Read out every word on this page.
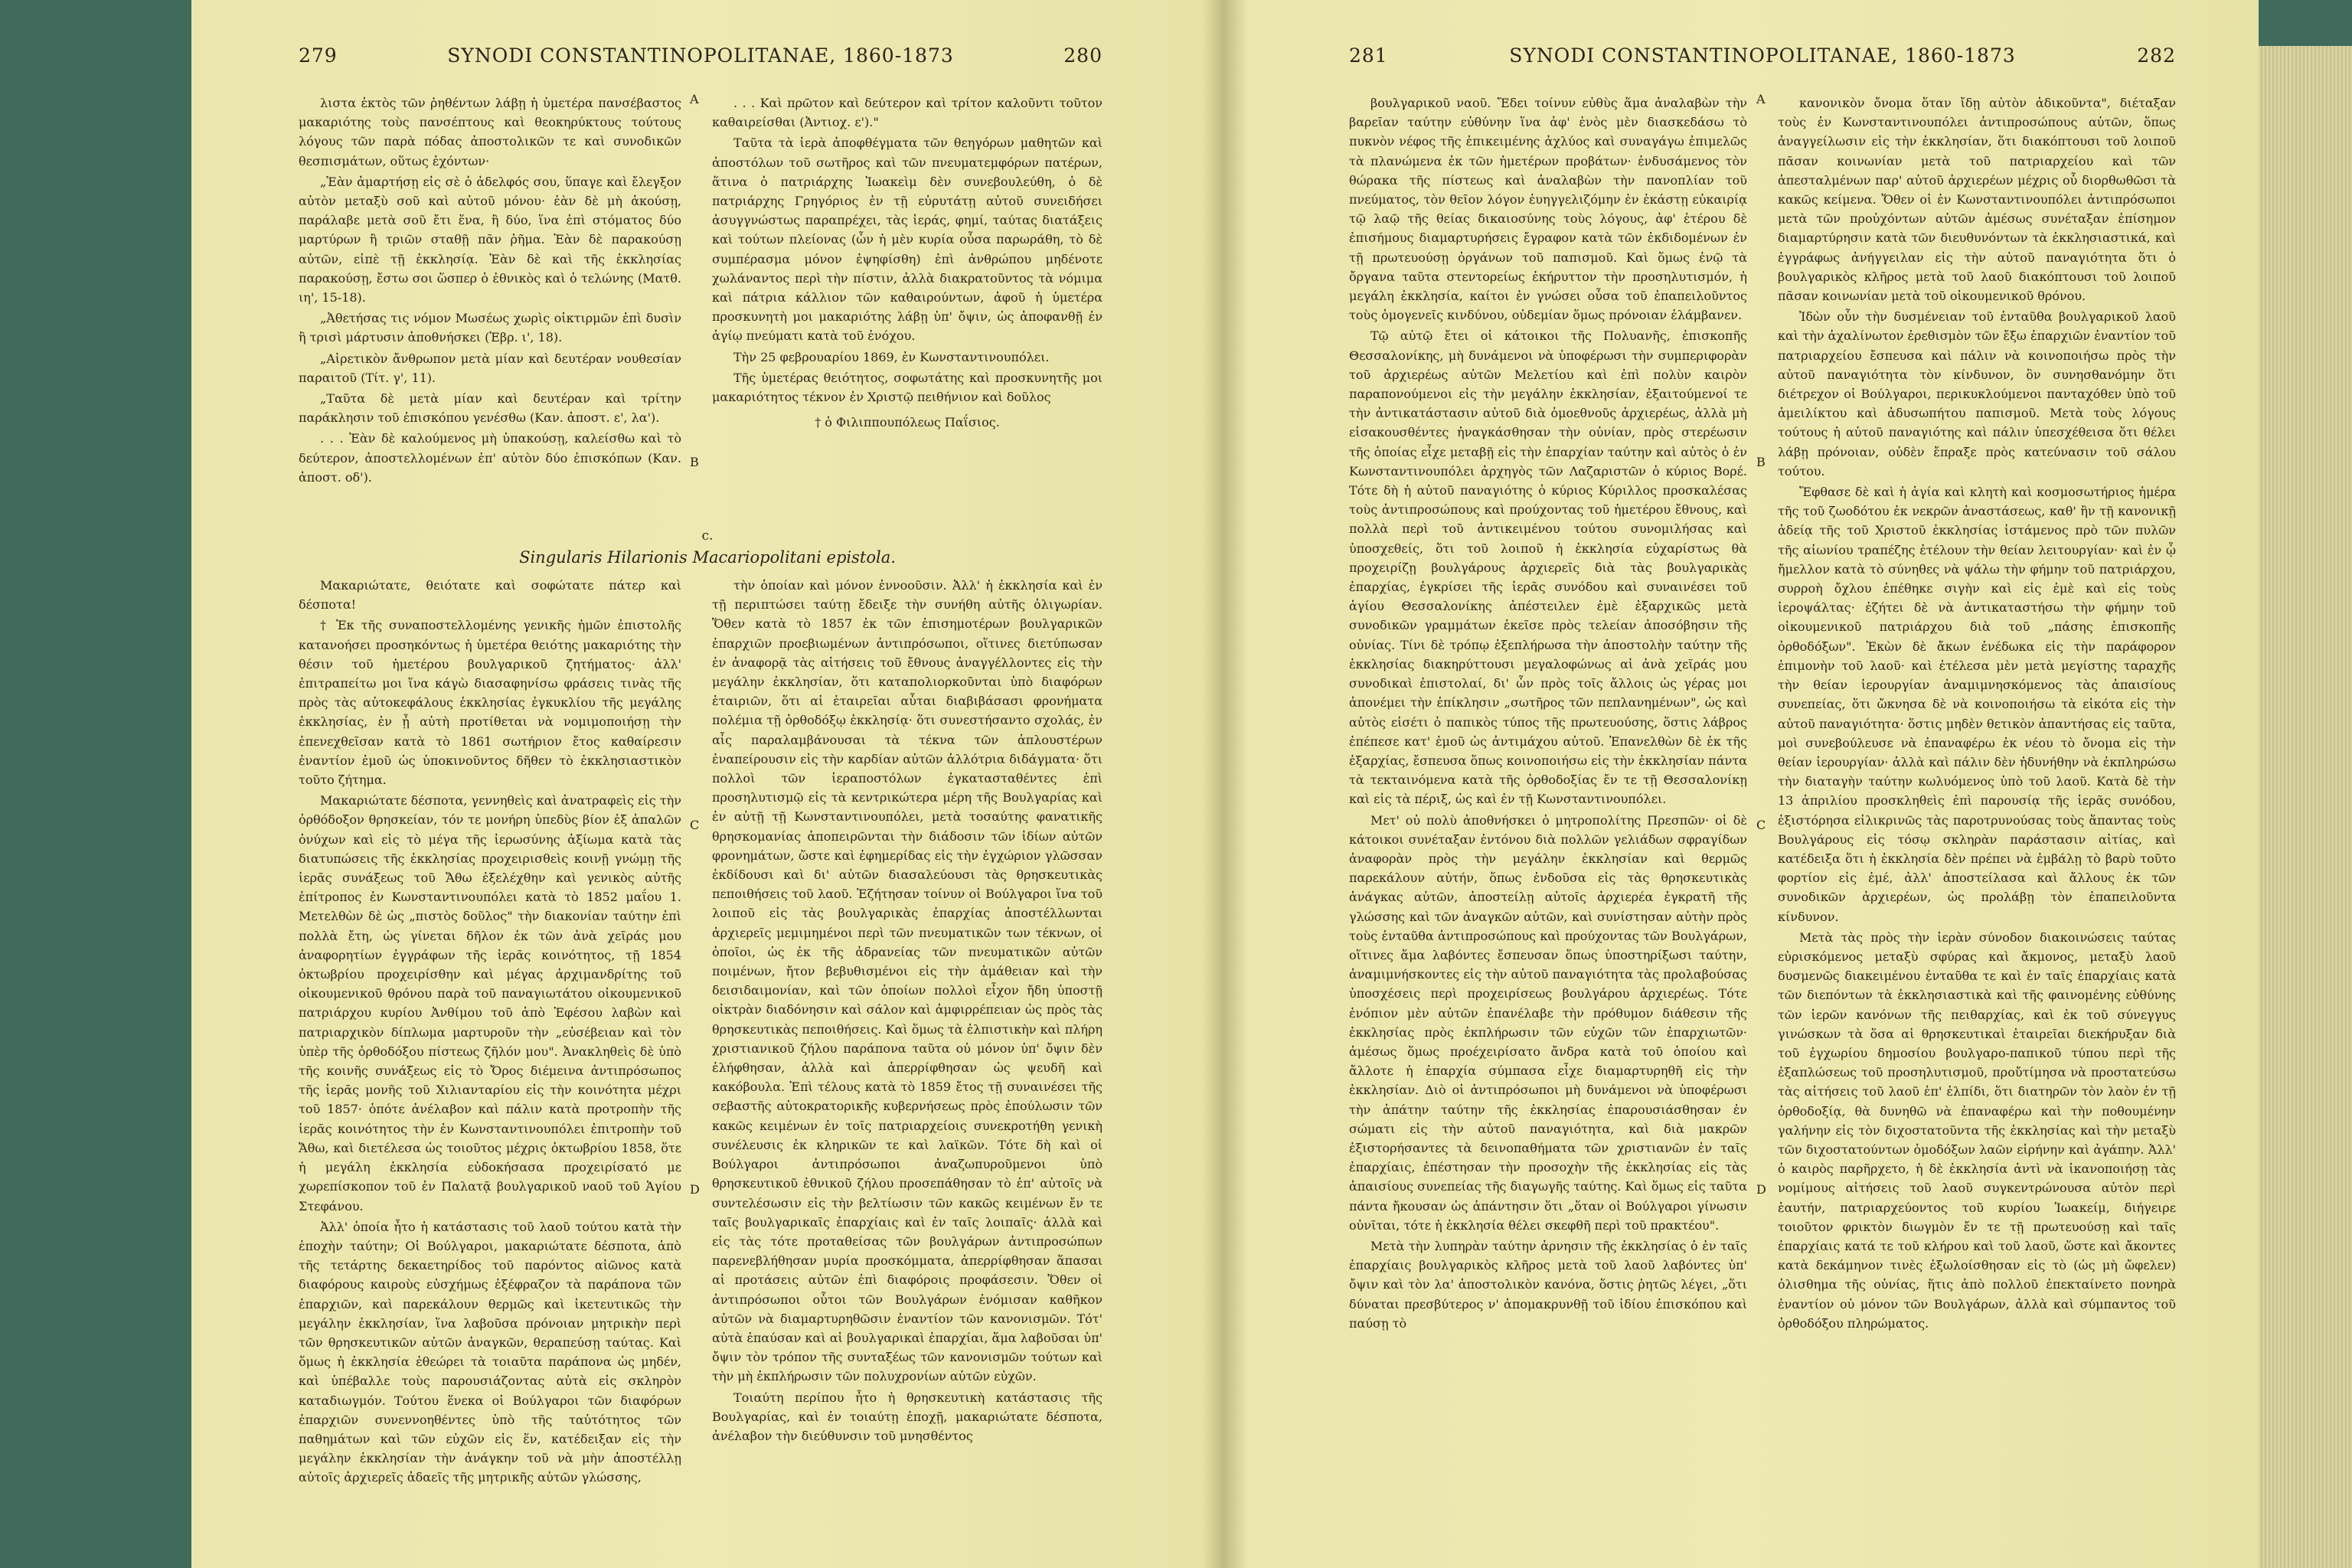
279	SYNODI CONSTANTINOPOLITANAE, 1860-1873	280

λιστα ἐκτὸς τῶν ῥηθέντων λάβῃ ἡ ὑμετέρα πανσέβαστος μακαριότης τοὺς πανσέπτους καὶ θεοκηρύκτους τούτους λόγους τῶν παρὰ πόδας ἀποστολικῶν τε καὶ συνοδικῶν θεσπισμάτων, οὕτως ἐχόντων·

„Ἐὰν ἁμαρτήσῃ εἰς σὲ ὁ ἀδελφός σου, ὕπαγε καὶ ἔλεγξον αὐτὸν μεταξὺ σοῦ καὶ αὐτοῦ μόνου· ἐὰν δὲ μὴ ἀκούσῃ, παράλαβε μετὰ σοῦ ἔτι ἕνα, ἢ δύο, ἵνα ἐπὶ στόματος δύο μαρτύρων ἢ τριῶν σταθῇ πᾶν ῥῆμα. Ἐὰν δὲ παρακούσῃ αὐτῶν, εἰπὲ τῇ ἐκκλησίᾳ. Ἐὰν δὲ καὶ τῆς ἐκκλησίας παρακούσῃ, ἔστω σοι ὥσπερ ὁ ἐθνικὸς καὶ ὁ τελώνης (Ματθ. ιη', 15-18).

„Ἀθετήσας τις νόμον Μωσέως χωρὶς οἰκτιρμῶν ἐπὶ δυσὶν ἢ τρισὶ μάρτυσιν ἀποθνήσκει (Ἑβρ. ι', 18).

„Αἱρετικὸν ἄνθρωπον μετὰ μίαν καὶ δευτέραν νουθεσίαν παραιτοῦ (Τίτ. γ', 11).

„Ταῦτα δὲ μετὰ μίαν καὶ δευτέραν καὶ τρίτην παράκλησιν τοῦ ἐπισκόπου γενέσθω (Καν. ἀποστ. ε', λα').

. . . Ἐὰν δὲ καλούμενος μὴ ὑπακούσῃ, καλείσθω καὶ τὸ δεύτερον, ἀποστελλομένων ἐπ' αὐτὸν δύο ἐπισκόπων (Καν. ἀποστ. οδ').

. . . Καὶ πρῶτον καὶ δεύτερον καὶ τρίτον καλοῦντι τοῦτον καθαιρείσθαι (Ἀντιοχ. ε')."

Ταῦτα τὰ ἱερὰ ἀποφθέγματα τῶν θεηγόρων μαθητῶν καὶ ἀποστόλων τοῦ σωτῆρος καὶ τῶν πνευματεμφόρων πατέρων, ἅτινα ὁ πατριάρχης Ἰωακεὶμ δὲν συνεβουλεύθη, ὁ δὲ πατριάρχης Γρηγόριος ἐν τῇ εὐρυτάτῃ αὐτοῦ συνειδήσει ἀσυγγνώστως παραπρέχει, τὰς ἱεράς, φημί, ταύτας διατάξεις καὶ τούτων πλείονας (ὧν ἡ μὲν κυρία οὖσα παρωράθη, τὸ δὲ συμπέρασμα μόνον ἐψηφίσθη) ἐπὶ ἀνθρώπου μηδένοτε χωλάναντος περὶ τὴν πίστιν, ἀλλὰ διακρατοῦντος τὰ νόμιμα καὶ πάτρια κάλλιον τῶν καθαιρούντων, ἀφοῦ ἡ ὑμετέρα προσκυνητὴ μοι μακαριότης λάβῃ ὑπ' ὄψιν, ὡς ἀποφανθῇ ἐν ἁγίῳ πνεύματι κατὰ τοῦ ἐνόχου.

Τὴν 25 φεβρουαρίου 1869, ἐν Κωνσταντινουπόλει.

Τῆς ὑμετέρας θειότητος, σοφωτάτης καὶ προσκυνητῆς μοι μακαριότητος τέκνον ἐν Χριστῷ πειθήνιον καὶ δοῦλος

† ὁ Φιλιππουπόλεως Παΐσιος.
c.
Singularis Hilarionis Macariopolitani epistola.

Μακαριώτατε, θειότατε καὶ σοφώτατε πάτερ καὶ δέσποτα!

† Ἐκ τῆς συναποστελλομένης γενικῆς ἡμῶν ἐπιστολῆς κατανοήσει προσηκόντως ἡ ὑμετέρα θειότης μακαριότης τὴν θέσιν τοῦ ἡμετέρου βουλγαρικοῦ ζητήματος· ἀλλ' ἐπιτραπείτω μοι ἵνα κάγὼ διασαφηνίσω φράσεις τινὰς τῆς πρὸς τὰς αὐτοκεφάλους ἐκκλησίας ἐγκυκλίου τῆς μεγάλης ἐκκλησίας, ἐν ᾗ αὐτὴ προτίθεται νὰ νομιμοποιήσῃ τὴν ἐπενεχθεῖσαν κατὰ τὸ 1861 σωτήριον ἔτος καθαίρεσιν ἐναντίον ἐμοῦ ὡς ὑποκινοῦντος δῆθεν τὸ ἐκκλησιαστικὸν τοῦτο ζήτημα.

Μακαριώτατε δέσποτα, γεννηθεὶς καὶ ἀνατραφεὶς εἰς τὴν ὀρθόδοξον θρησκείαν, τόν τε μονήρη ὑπεδὺς βίον ἐξ ἁπαλῶν ὀνύχων καὶ εἰς τὸ μέγα τῆς ἱερωσύνης ἀξίωμα κατὰ τὰς διατυπώσεις τῆς ἐκκλησίας προχειρισθεὶς κοινῇ γνώμῃ τῆς ἱερᾶς συνάξεως τοῦ Ἄθω ἐξελέχθην καὶ γενικὸς αὐτῆς ἐπίτροπος ἐν Κωνσταντινουπόλει κατὰ τὸ 1852 μαΐου 1. Μετελθὼν δὲ ὡς „πιστὸς δοῦλος" τὴν διακονίαν ταύτην ἐπὶ πολλὰ ἔτη, ὡς γίνεται δῆλον ἐκ τῶν ἀνὰ χεῖράς μου ἀναφορητίων ἐγγράφων τῆς ἱερᾶς κοινότητος, τῇ 1854 ὀκτωβρίου προχειρίσθην καὶ μέγας ἀρχιμανδρίτης τοῦ οἰκουμενικοῦ θρόνου παρὰ τοῦ παναγιωτάτου οἰκουμενικοῦ πατριάρχου κυρίου Ἀνθίμου τοῦ ἀπὸ Ἐφέσου λαβὼν καὶ πατριαρχικὸν δίπλωμα μαρτυροῦν τὴν „εὐσέβειαν καὶ τὸν ὑπὲρ τῆς ὀρθοδόξου πίστεως ζῆλόν μου". Ἀνακληθεὶς δὲ ὑπὸ τῆς κοινῆς συνάξεως εἰς τὸ Ὄρος διέμεινα ἀντιπρόσωπος τῆς ἱερᾶς μονῆς τοῦ Χιλιανταρίου εἰς τὴν κοινότητα μέχρι τοῦ 1857· ὁπότε ἀνέλαβον καὶ πάλιν κατὰ προτροπὴν τῆς ἱερᾶς κοινότητος τὴν ἐν Κωνσταντινουπόλει ἐπιτροπὴν τοῦ Ἄθω, καὶ διετέλεσα ὡς τοιοῦτος μέχρις ὀκτωβρίου 1858, ὅτε ἡ μεγάλη ἐκκλησία εὐδοκήσασα προχειρίσατό με χωρεπίσκοπον τοῦ ἐν Παλατᾷ βουλγαρικοῦ ναοῦ τοῦ Ἁγίου Στεφάνου.

Ἀλλ' ὁποία ἦτο ἡ κατάστασις τοῦ λαοῦ τούτου κατὰ τὴν ἐποχὴν ταύτην; Οἱ Βούλγαροι, μακαριώτατε δέσποτα, ἀπὸ τῆς τετάρτης δεκαετηρίδος τοῦ παρόντος αἰῶνος κατὰ διαφόρους καιροὺς εὐσχήμως ἐξέφραζον τὰ παράπονα τῶν ἐπαρχιῶν, καὶ παρεκάλουν θερμῶς καὶ ἱκετευτικῶς τὴν μεγάλην ἐκκλησίαν, ἵνα λαβοῦσα πρόνοιαν μητρικὴν περὶ τῶν θρησκευτικῶν αὐτῶν ἀναγκῶν, θεραπεύσῃ ταύτας. Καὶ ὅμως ἡ ἐκκλησία ἐθεώρει τὰ τοιαῦτα παράπονα ὡς μηδέν, καὶ ὑπέβαλλε τοὺς παρουσιάζοντας αὐτὰ εἰς σκληρὸν καταδιωγμόν. Τούτου ἕνεκα οἱ Βούλγαροι τῶν διαφόρων ἐπαρχιῶν συνεννοηθέντες ὑπὸ τῆς ταὐτότητος τῶν παθημάτων καὶ τῶν εὐχῶν εἰς ἕν, κατέδειξαν εἰς τὴν μεγάλην ἐκκλησίαν τὴν ἀνάγκην τοῦ νὰ μὴν ἀποστέλλῃ αὐτοῖς ἀρχιερεῖς ἀδαεῖς τῆς μητρικῆς αὐτῶν γλώσσης,

τὴν ὁποίαν καὶ μόνον ἐννοοῦσιν. Ἀλλ' ἡ ἐκκλησία καὶ ἐν τῇ περιπτώσει ταύτῃ ἔδειξε τὴν συνήθη αὐτῆς ὀλιγωρίαν. Ὅθεν κατὰ τὸ 1857 ἐκ τῶν ἐπισημοτέρων βουλγαρικῶν ἐπαρχιῶν προεβιωμένων ἀντιπρόσωποι, οἵτινες διετύπωσαν ἐν ἀναφορᾷ τὰς αἰτήσεις τοῦ ἔθνους ἀναγγέλλοντες εἰς τὴν μεγάλην ἐκκλησίαν, ὅτι καταπολιορκοῦνται ὑπὸ διαφόρων ἑταιριῶν, ὅτι αἱ ἑταιρεῖαι αὗται διαβιβάσασι φρονήματα πολέμια τῇ ὀρθοδόξῳ ἐκκλησίᾳ· ὅτι συνεστήσαντο σχολάς, ἐν αἷς παραλαμβάνουσαι τὰ τέκνα τῶν ἀπλουστέρων ἐναπείρουσιν εἰς τὴν καρδίαν αὐτῶν ἀλλότρια διδάγματα· ὅτι πολλοὶ τῶν ἱεραποστόλων ἐγκατασταθέντες ἐπὶ προσηλυτισμῷ εἰς τὰ κεντρικώτερα μέρη τῆς Βουλγαρίας καὶ ἐν αὐτῇ τῇ Κωνσταντινουπόλει, μετὰ τοσαύτης φανατικῆς θρησκομανίας ἀποπειρῶνται τὴν διάδοσιν τῶν ἰδίων αὐτῶν φρονημάτων, ὥστε καὶ ἐφημερίδας εἰς τὴν ἐγχώριον γλῶσσαν ἐκδίδουσι καὶ δι' αὐτῶν διασαλεύουσι τὰς θρησκευτικὰς πεποιθήσεις τοῦ λαοῦ. Ἐζήτησαν τοίνυν οἱ Βούλγαροι ἵνα τοῦ λοιποῦ εἰς τὰς βουλγαρικὰς ἐπαρχίας ἀποστέλλωνται ἀρχιερεῖς μεμιμημένοι περὶ τῶν πνευματικῶν των τέκνων, οἱ ὁποῖοι, ὡς ἐκ τῆς ἀδρανείας τῶν πνευματικῶν αὐτῶν ποιμένων, ἤτον βεβυθισμένοι εἰς τὴν ἀμάθειαν καὶ τὴν δεισιδαιμονίαν, καὶ τῶν ὁποίων πολλοὶ εἶχον ἤδη ὑποστῇ οἰκτρὰν διαδόνησιν καὶ σάλον καὶ ἀμφιρρέπειαν ὡς πρὸς τὰς θρησκευτικὰς πεποιθήσεις. Καὶ ὅμως τὰ ἐλπιστικὴν καὶ πλήρη χριστιανικοῦ ζήλου παράπονα ταῦτα οὐ μόνον ὑπ' ὄψιν δὲν ἐλήφθησαν, ἀλλὰ καὶ ἀπερρίφθησαν ὡς ψευδῆ καὶ κακόβουλα. Ἐπὶ τέλους κατὰ τὸ 1859 ἔτος τῇ συναινέσει τῆς σεβαστῆς αὐτοκρατορικῆς κυβερνήσεως πρὸς ἐπούλωσιν τῶν κακῶς κειμένων ἐν τοῖς πατριαρχείοις συνεκροτήθη γενικὴ συνέλευσις ἐκ κληρικῶν τε καὶ λαϊκῶν. Τότε δὴ καὶ οἱ Βούλγαροι ἀντιπρόσωποι ἀναζωπυροῦμενοι ὑπὸ θρησκευτικοῦ ἐθνικοῦ ζήλου προσεπάθησαν τὸ ἐπ' αὐτοῖς νὰ συντελέσωσιν εἰς τὴν βελτίωσιν τῶν κακῶς κειμένων ἔν τε ταῖς βουλγαρικαῖς ἐπαρχίαις καὶ ἐν ταῖς λοιπαῖς· ἀλλὰ καὶ εἰς τὰς τότε προταθείσας τῶν βουλγάρων ἀντιπροσώπων παρενεβλήθησαν μυρία προσκόμματα, ἀπερρίφθησαν ἅπασαι αἱ προτάσεις αὐτῶν ἐπὶ διαφόροις προφάσεσιν. Ὅθεν οἱ ἀντιπρόσωποι οὗτοι τῶν Βουλγάρων ἐνόμισαν καθῆκον αὐτῶν νὰ διαμαρτυρηθῶσιν ἐναντίον τῶν κανονισμῶν. Τότ' αὐτὰ ἐπαύσαν καὶ αἱ βουλγαρικαὶ ἐπαρχίαι, ἅμα λαβοῦσαι ὑπ' ὄψιν τὸν τρόπον τῆς συνταξέως τῶν κανονισμῶν τούτων καὶ τὴν μὴ ἐκπλήρωσιν τῶν πολυχρονίων αὐτῶν εὐχῶν.

Τοιαύτη περίπου ἦτο ἡ θρησκευτικὴ κατάστασις τῆς Βουλγαρίας, καὶ ἐν τοιαύτῃ ἐποχῇ, μακαριώτατε δέσποτα, ἀνέλαβον τὴν διεύθυνσιν τοῦ μνησθέντος

A
B
C
D
281	SYNODI CONSTANTINOPOLITANAE, 1860-1873	282

βουλγαρικοῦ ναοῦ. Ἔδει τοίνυν εὐθὺς ἅμα ἀναλαβὼν τὴν βαρεῖαν ταύτην εὐθύνην ἵνα ἀφ' ἑνὸς μὲν διασκεδάσω τὸ πυκνὸν νέφος τῆς ἐπικειμένης ἀχλύος καὶ συναγάγω ἐπιμελῶς τὰ πλανώμενα ἐκ τῶν ἡμετέρων προβάτων· ἐνδυσάμενος τὸν θώρακα τῆς πίστεως καὶ ἀναλαβὼν τὴν πανοπλίαν τοῦ πνεύματος, τὸν θεῖον λόγον ἐυηγγελιζόμην ἐν ἑκάστῃ εὐκαιρίᾳ τῷ λαῷ τῆς θείας δικαιοσύνης τοὺς λόγους, ἀφ' ἑτέρου δὲ ἐπισήμους διαμαρτυρήσεις ἔγραφον κατὰ τῶν ἐκδιδομένων ἐν τῇ πρωτευούσῃ ὀργάνων τοῦ παπισμοῦ. Καὶ ὅμως ἐνῷ τὰ ὄργανα ταῦτα στεντορείως ἐκήρυττον τὴν προσηλυτισμόν, ἡ μεγάλη ἐκκλησία, καίτοι ἐν γνώσει οὖσα τοῦ ἐπαπειλοῦντος τοὺς ὁμογενεῖς κινδύνου, οὐδεμίαν ὅμως πρόνοιαν ἐλάμβανεν.

Τῷ αὐτῷ ἔτει οἱ κάτοικοι τῆς Πολυανῆς, ἐπισκοπῆς Θεσσαλονίκης, μὴ δυνάμενοι νὰ ὑποφέρωσι τὴν συμπεριφορὰν τοῦ ἀρχιερέως αὐτῶν Μελετίου καὶ ἐπὶ πολὺν καιρὸν παραπονούμενοι εἰς τὴν μεγάλην ἐκκλησίαν, ἐξαιτούμενοί τε τὴν ἀντικατάστασιν αὐτοῦ διὰ ὁμοεθνοῦς ἀρχιερέως, ἀλλὰ μὴ εἰσακουσθέντες ἠναγκάσθησαν τὴν οὐνίαν, πρὸς στερέωσιν τῆς ὁποίας εἶχε μεταβῇ εἰς τὴν ἐπαρχίαν ταύτην καὶ αὐτὸς ὁ ἐν Κωνσταντινουπόλει ἀρχηγὸς τῶν Λαζαριστῶν ὁ κύριος Βορέ. Τότε δὴ ἡ αὐτοῦ παναγιότης ὁ κύριος Κύριλλος προσκαλέσας τοὺς ἀντιπροσώπους καὶ προύχοντας τοῦ ἡμετέρου ἔθνους, καὶ πολλὰ περὶ τοῦ ἀντικειμένου τούτου συνομιλήσας καὶ ὑποσχεθείς, ὅτι τοῦ λοιποῦ ἡ ἐκκλησία εὐχαρίστως θὰ προχειρίζῃ βουλγάρους ἀρχιερεῖς διὰ τὰς βουλγαρικὰς ἐπαρχίας, ἐγκρίσει τῆς ἱερᾶς συνόδου καὶ συναινέσει τοῦ ἁγίου Θεσσαλονίκης ἀπέστειλεν ἐμὲ ἐξαρχικῶς μετὰ συνοδικῶν γραμμάτων ἐκεῖσε πρὸς τελείαν ἀποσόβησιν τῆς οὐνίας. Τίνι δὲ τρόπῳ ἐξεπλήρωσα τὴν ἀποστολὴν ταύτην τῆς ἐκκλησίας διακηρύττουσι μεγαλοφώνως αἱ ἀνὰ χεῖράς μου συνοδικαὶ ἐπιστολαί, δι' ὧν πρὸς τοῖς ἄλλοις ὡς γέρας μοι ἀπονέμει τὴν ἐπίκλησιν „σωτῆρος τῶν πεπλανημένων", ὡς καὶ αὐτὸς εἰσέτι ὁ παπικὸς τύπος τῆς πρωτευούσης, ὅστις λάβρος ἐπέπεσε κατ' ἐμοῦ ὡς ἀντιμάχου αὐτοῦ. Ἐπανελθὼν δὲ ἐκ τῆς ἐξαρχίας, ἔσπευσα ὅπως κοινοποιήσω εἰς τὴν ἐκκλησίαν πάντα τὰ τεκταινόμενα κατὰ τῆς ὀρθοδοξίας ἔν τε τῇ Θεσσαλονίκῃ καὶ εἰς τὰ πέριξ, ὡς καὶ ἐν τῇ Κωνσταντινουπόλει.

Μετ' οὐ πολὺ ἀποθνήσκει ὁ μητροπολίτης Πρεσπῶν· οἱ δὲ κάτοικοι συνέταξαν ἐντόνου διὰ πολλῶν γελιάδων σφραγίδων ἀναφορὰν πρὸς τὴν μεγάλην ἐκκλησίαν καὶ θερμῶς παρεκάλουν αὐτήν, ὅπως ἐνδοῦσα εἰς τὰς θρησκευτικὰς ἀνάγκας αὐτῶν, ἀποστείλῃ αὐτοῖς ἀρχιερέα ἐγκρατῆ τῆς γλώσσης καὶ τῶν ἀναγκῶν αὐτῶν, καὶ συνίστησαν αὐτὴν πρὸς τοὺς ἐνταῦθα ἀντιπροσώπους καὶ προύχοντας τῶν Βουλγάρων, οἵτινες ἅμα λαβόντες ἔσπευσαν ὅπως ὑποστηρίξωσι ταύτην, ἀναμιμνήσκοντες εἰς τὴν αὐτοῦ παναγιότητα τὰς προλαβούσας ὑποσχέσεις περὶ προχειρίσεως βουλγάρου ἀρχιερέως. Τότε ἐνόπιον μὲν αὐτῶν ἐπανέλαβε τὴν πρόθυμον διάθεσιν τῆς ἐκκλησίας πρὸς ἐκπλήρωσιν τῶν εὐχῶν τῶν ἐπαρχιωτῶν· ἀμέσως ὅμως προέχειρίσατο ἄνδρα κατὰ τοῦ ὁποίου καὶ ἄλλοτε ἡ ἐπαρχία σύμπασα εἶχε διαμαρτυρηθῆ εἰς τὴν ἐκκλησίαν. Διὸ οἱ ἀντιπρόσωποι μὴ δυνάμενοι νὰ ὑποφέρωσι τὴν ἀπάτην ταύτην τῆς ἐκκλησίας ἐπαρουσιάσθησαν ἐν σώματι εἰς τὴν αὐτοῦ παναγιότητα, καὶ διὰ μακρῶν ἐξιστορήσαντες τὰ δεινοπαθήματα τῶν χριστιανῶν ἐν ταῖς ἐπαρχίαις, ἐπέστησαν τὴν προσοχὴν τῆς ἐκκλησίας εἰς τὰς ἀπαισίους συνεπείας τῆς διαγωγῆς ταύτης. Καὶ ὅμως εἰς ταῦτα πάντα ἤκουσαν ὡς ἀπάντησιν ὅτι „ὅταν οἱ Βούλγαροι γίνωσιν οὐνῖται, τότε ἡ ἐκκλησία θέλει σκεφθῆ περὶ τοῦ πρακτέου".

Μετὰ τὴν λυπηρὰν ταύτην ἀρνησιν τῆς ἐκκλησίας ὁ ἐν ταῖς ἐπαρχίαις βουλγαρικὸς κλῆρος μετὰ τοῦ λαοῦ λαβόντες ὑπ' ὄψιν καὶ τὸν λα' ἀποστολικὸν κανόνα, ὅστις ῥητῶς λέγει, „ὅτι δύναται πρεσβύτερος ν' ἀπομακρυνθῇ τοῦ ἰδίου ἐπισκόπου καὶ παύσῃ τὸ

κανονικὸν ὄνομα ὅταν ἴδῃ αὐτὸν ἀδικοῦντα", διέταξαν τοὺς ἐν Κωνσταντινουπόλει ἀντιπροσώπους αὐτῶν, ὅπως ἀναγγείλωσιν εἰς τὴν ἐκκλησίαν, ὅτι διακόπτουσι τοῦ λοιποῦ πᾶσαν κοινωνίαν μετὰ τοῦ πατριαρχείου καὶ τῶν ἀπεσταλμένων παρ' αὐτοῦ ἀρχιερέων μέχρις οὗ διορθωθῶσι τὰ κακῶς κείμενα. Ὅθεν οἱ ἐν Κωνσταντινουπόλει ἀντιπρόσωποι μετὰ τῶν προὐχόντων αὐτῶν ἀμέσως συνέταξαν ἐπίσημον διαμαρτύρησιν κατὰ τῶν διευθυνόντων τὰ ἐκκλησιαστικά, καὶ ἐγγράφως ἀνήγγειλαν εἰς τὴν αὐτοῦ παναγιότητα ὅτι ὁ βουλγαρικὸς κλῆρος μετὰ τοῦ λαοῦ διακόπτουσι τοῦ λοιποῦ πᾶσαν κοινωνίαν μετὰ τοῦ οἰκουμενικοῦ θρόνου.

Ἰδὼν οὖν τὴν δυσμένειαν τοῦ ἐνταῦθα βουλγαρικοῦ λαοῦ καὶ τὴν ἀχαλίνωτον ἐρεθισμὸν τῶν ἔξω ἐπαρχιῶν ἐναντίον τοῦ πατριαρχείου ἔσπευσα καὶ πάλιν νὰ κοινοποιήσω πρὸς τὴν αὐτοῦ παναγιότητα τὸν κίνδυνον, ὃν συνησθανόμην ὅτι διέτρεχον οἱ Βούλγαροι, περικυκλούμενοι πανταχόθεν ὑπὸ τοῦ ἀμειλίκτου καὶ ἀδυσωπήτου παπισμοῦ. Μετὰ τοὺς λόγους τούτους ἡ αὐτοῦ παναγιότης καὶ πάλιν ὑπεσχέθεισα ὅτι θέλει λάβῃ πρόνοιαν, οὐδὲν ἔπραξε πρὸς κατεύνασιν τοῦ σάλου τούτου.

Ἔφθασε δὲ καὶ ἡ ἁγία καὶ κλητὴ καὶ κοσμοσωτήριος ἡμέρα τῆς τοῦ ζωοδότου ἐκ νεκρῶν ἀναστάσεως, καθ' ἣν τῇ κανονικῇ ἀδείᾳ τῆς τοῦ Χριστοῦ ἐκκλησίας ἱστάμενος πρὸ τῶν πυλῶν τῆς αἰωνίου τραπέζης ἐτέλουν τὴν θείαν λειτουργίαν· καὶ ἐν ᾧ ἤμελλον κατὰ τὸ σύνηθες νὰ ψάλω τὴν φήμην τοῦ πατριάρχου, συρροὴ ὄχλου ἐπέθηκε σιγὴν καὶ εἰς ἐμὲ καὶ εἰς τοὺς ἱεροψάλτας· ἐζήτει δὲ νὰ ἀντικαταστήσω τὴν φήμην τοῦ οἰκουμενικοῦ πατριάρχου διὰ τοῦ „πάσης ἐπισκοπῆς ὀρθοδόξων". Ἐκὼν δὲ ἄκων ἐνέδωκα εἰς τὴν παράφορον ἐπιμονὴν τοῦ λαοῦ· καὶ ἐτέλεσα μὲν μετὰ μεγίστης ταραχῆς τὴν θείαν ἱερουργίαν ἀναμιμνησκόμενος τὰς ἀπαισίους συνεπείας, ὅτι ὤκνησα δὲ νὰ κοινοποιήσω τὰ εἰκότα εἰς τὴν αὐτοῦ παναγιότητα· ὅστις μηδὲν θετικὸν ἀπαντήσας εἰς ταῦτα, μοὶ συνεβούλευσε νὰ ἐπαναφέρω ἐκ νέου τὸ ὄνομα εἰς τὴν θείαν ἱερουργίαν· ἀλλὰ καὶ πάλιν δὲν ἠδυνήθην νὰ ἐκπληρώσω τὴν διαταγὴν ταύτην κωλυόμενος ὑπὸ τοῦ λαοῦ. Κατὰ δὲ τὴν 13 ἀπριλίου προσκληθεὶς ἐπὶ παρουσίᾳ τῆς ἱερᾶς συνόδου, ἐξιστόρησα εἰλικρινῶς τὰς παροτρυνούσας τοὺς ἅπαντας τοὺς Βουλγάρους εἰς τόσῳ σκληρὰν παράστασιν αἰτίας, καὶ κατέδειξα ὅτι ἡ ἐκκλησία δὲν πρέπει νὰ ἐμβάλῃ τὸ βαρὺ τοῦτο φορτίον εἰς ἐμέ, ἀλλ' ἀποστείλασα καὶ ἄλλους ἐκ τῶν συνοδικῶν ἀρχιερέων, ὡς προλάβῃ τὸν ἐπαπειλοῦντα κίνδυνον.

Μετὰ τὰς πρὸς τὴν ἱερὰν σύνοδον διακοινώσεις ταύτας εὑρισκόμενος μεταξὺ σφύρας καὶ ἄκμονος, μεταξὺ λαοῦ δυσμενῶς διακειμένου ἐνταῦθα τε καὶ ἐν ταῖς ἐπαρχίαις κατὰ τῶν διεπόντων τὰ ἐκκλησιαστικὰ καὶ τῆς φαινομένης εὐθύνης τῶν ἱερῶν κανόνων τῆς πειθαρχίας, καὶ ἐκ τοῦ σύνεγγυς γινώσκων τὰ ὅσα αἱ θρησκευτικαὶ ἑταιρεῖαι διεκήρυξαν διὰ τοῦ ἐγχωρίου δημοσίου βουλγαρο-παπικοῦ τύπου περὶ τῆς ἐξαπλώσεως τοῦ προσηλυτισμοῦ, προὔτίμησα νὰ προστατεύσω τὰς αἰτήσεις τοῦ λαοῦ ἐπ' ἐλπίδι, ὅτι διατηρῶν τὸν λαὸν ἐν τῇ ὀρθοδοξίᾳ, θὰ δυνηθῶ νὰ ἐπαναφέρω καὶ τὴν ποθουμένην γαλήνην εἰς τὸν διχοστατοῦντα τῆς ἐκκλησίας καὶ τὴν μεταξὺ τῶν διχοστατούντων ὁμοδόξων λαῶν εἰρήνην καὶ ἀγάπην. Ἀλλ' ὁ καιρὸς παρῆρχετο, ἡ δὲ ἐκκλησία ἀντὶ νὰ ἱκανοποιήσῃ τὰς νομίμους αἰτήσεις τοῦ λαοῦ συγκεντρώνουσα αὐτὸν περὶ ἑαυτήν, πατριαρχεύοντος τοῦ κυρίου Ἰωακείμ, διήγειρε τοιοῦτον φρικτὸν διωγμὸν ἔν τε τῇ πρωτευούσῃ καὶ ταῖς ἐπαρχίαις κατά τε τοῦ κλήρου καὶ τοῦ λαοῦ, ὥστε καὶ ἄκοντες κατὰ δεκάμηνον τινὲς ἐξωλοίσθησαν εἰς τὸ (ὡς μὴ ὤφελεν) ὀλισθημα τῆς οὐνίας, ἥτις ἀπὸ πολλοῦ ἐπεκταίνετο πονηρὰ ἐναντίον οὐ μόνον τῶν Βουλγάρων, ἀλλὰ καὶ σύμπαντος τοῦ ὀρθοδόξου πληρώματος.

A
B
C
D
